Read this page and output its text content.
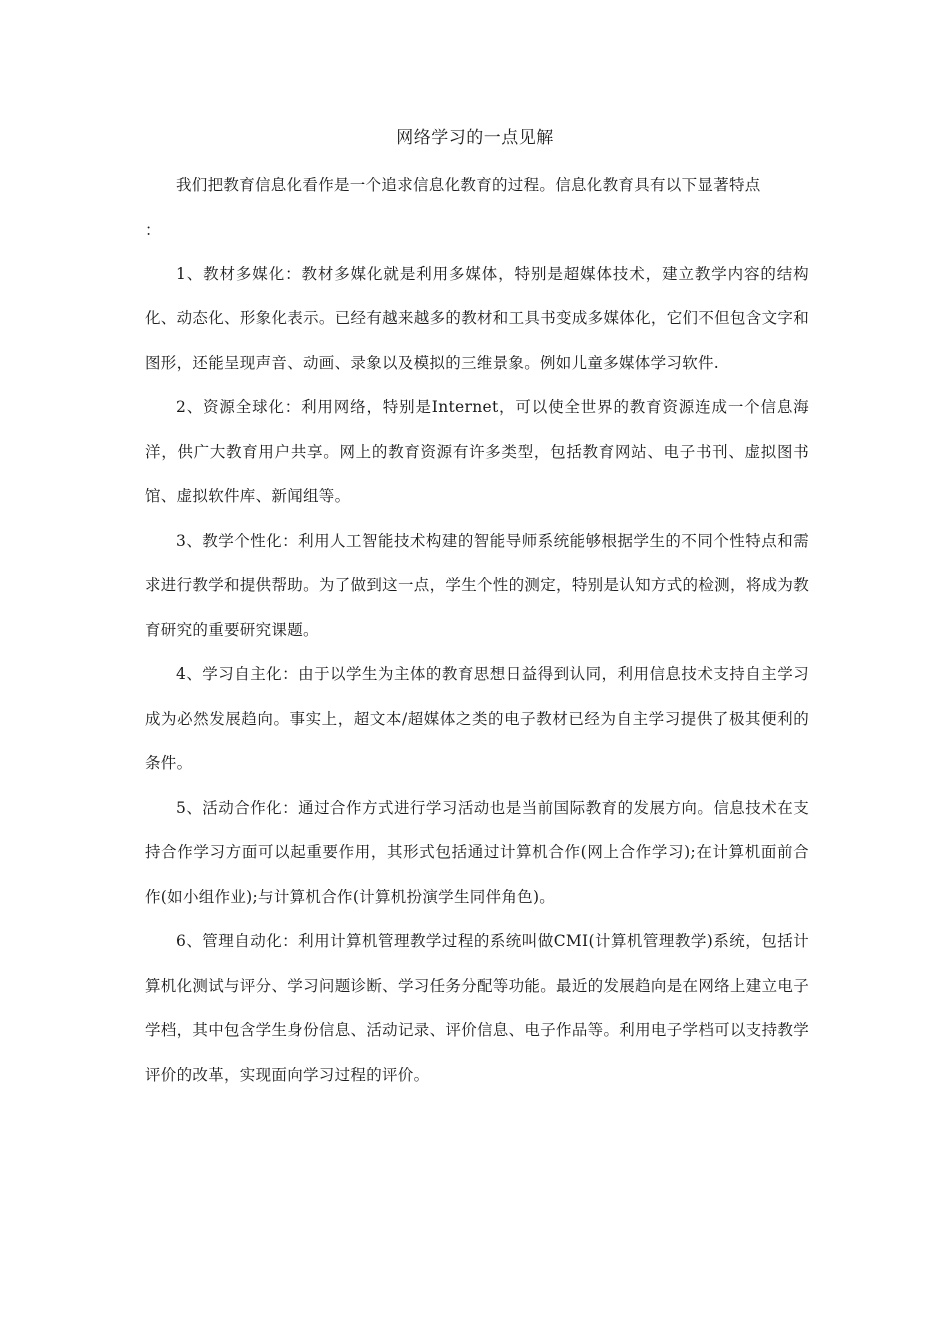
网络学习的一点见解

我们把教育信息化看作是一个追求信息化教育的过程。信息化教育具有以下显著特点

：

1、教材多媒化：教材多媒化就是利用多媒体，特别是超媒体技术，建立教学内容的结构化、动态化、形象化表示。已经有越来越多的教材和工具书变成多媒体化，它们不但包含文字和图形，还能呈现声音、动画、录象以及模拟的三维景象。例如儿童多媒体学习软件.

2、资源全球化：利用网络，特别是Internet，可以使全世界的教育资源连成一个信息海洋，供广大教育用户共享。网上的教育资源有许多类型，包括教育网站、电子书刊、虚拟图书馆、虚拟软件库、新闻组等。

3、教学个性化：利用人工智能技术构建的智能导师系统能够根据学生的不同个性特点和需求进行教学和提供帮助。为了做到这一点，学生个性的测定，特别是认知方式的检测，将成为教育研究的重要研究课题。

4、学习自主化：由于以学生为主体的教育思想日益得到认同，利用信息技术支持自主学习成为必然发展趋向。事实上，超文本/超媒体之类的电子教材已经为自主学习提供了极其便利的条件。

5、活动合作化：通过合作方式进行学习活动也是当前国际教育的发展方向。信息技术在支持合作学习方面可以起重要作用，其形式包括通过计算机合作(网上合作学习);在计算机面前合作(如小组作业);与计算机合作(计算机扮演学生同伴角色)。

6、管理自动化：利用计算机管理教学过程的系统叫做CMI(计算机管理教学)系统，包括计算机化测试与评分、学习问题诊断、学习任务分配等功能。最近的发展趋向是在网络上建立电子学档，其中包含学生身份信息、活动记录、评价信息、电子作品等。利用电子学档可以支持教学评价的改革，实现面向学习过程的评价。
